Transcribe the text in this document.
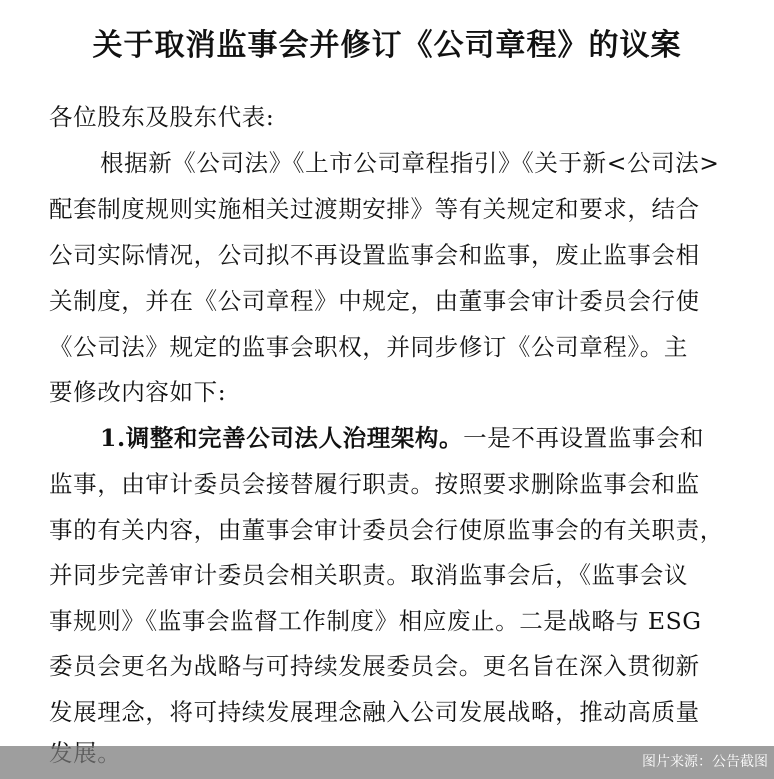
关于取消监事会并修订《公司章程》的议案
各位股东及股东代表:
根据新《公司法》《上市公司章程指引》《关于新<公司法>
配套制度规则实施相关过渡期安排》等有关规定和要求，结合
公司实际情况，公司拟不再设置监事会和监事，废止监事会相
关制度，并在《公司章程》中规定，由董事会审计委员会行使
《公司法》规定的监事会职权，并同步修订《公司章程》。主
要修改内容如下:
1.调整和完善公司法人治理架构。一是不再设置监事会和
监事，由审计委员会接替履行职责。按照要求删除监事会和监
事的有关内容，由董事会审计委员会行使原监事会的有关职责，
并同步完善审计委员会相关职责。取消监事会后，《监事会议
事规则》《监事会监督工作制度》相应废止。二是战略与 ESG
委员会更名为战略与可持续发展委员会。更名旨在深入贯彻新
发展理念，将可持续发展理念融入公司发展战略，推动高质量
图片来源：公告截图
